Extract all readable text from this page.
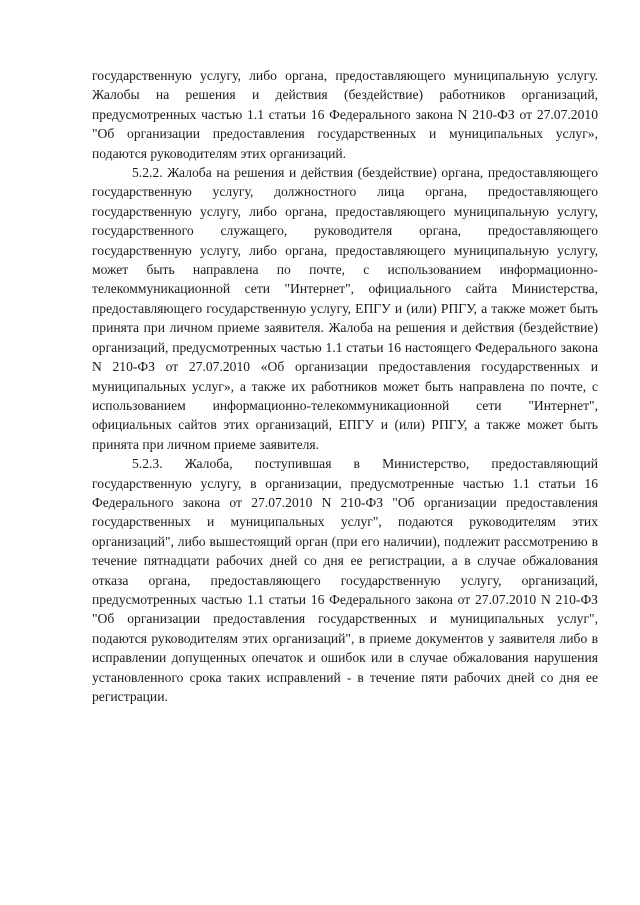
государственную услугу, либо органа, предоставляющего муниципальную услугу. Жалобы на решения и действия (бездействие) работников организаций, предусмотренных частью 1.1 статьи 16 Федерального закона N 210-ФЗ от 27.07.2010 "Об организации предоставления государственных и муниципальных услуг», подаются руководителям этих организаций.

5.2.2. Жалоба на решения и действия (бездействие) органа, предоставляющего государственную услугу, должностного лица органа, предоставляющего государственную услугу, либо органа, предоставляющего муниципальную услугу, государственного служащего, руководителя органа, предоставляющего государственную услугу, либо органа, предоставляющего муниципальную услугу, может быть направлена по почте, с использованием информационно-телекоммуникационной сети "Интернет", официального сайта Министерства, предоставляющего государственную услугу, ЕПГУ и (или) РПГУ, а также может быть принята при личном приеме заявителя. Жалоба на решения и действия (бездействие) организаций, предусмотренных частью 1.1 статьи 16 настоящего Федерального закона N 210-ФЗ от 27.07.2010 «Об организации предоставления государственных и муниципальных услуг», а также их работников может быть направлена по почте, с использованием информационно-телекоммуникационной сети "Интернет", официальных сайтов этих организаций, ЕПГУ и (или) РПГУ, а также может быть принята при личном приеме заявителя.

5.2.3. Жалоба, поступившая в Министерство, предоставляющий государственную услугу, в организации, предусмотренные частью 1.1 статьи 16 Федерального закона от 27.07.2010 N 210-ФЗ "Об организации предоставления государственных и муниципальных услуг", подаются руководителям этих организаций", либо вышестоящий орган (при его наличии), подлежит рассмотрению в течение пятнадцати рабочих дней со дня ее регистрации, а в случае обжалования отказа органа, предоставляющего государственную услугу, организаций, предусмотренных частью 1.1 статьи 16 Федерального закона от 27.07.2010 N 210-ФЗ "Об организации предоставления государственных и муниципальных услуг", подаются руководителям этих организаций", в приеме документов у заявителя либо в исправлении допущенных опечаток и ошибок или в случае обжалования нарушения установленного срока таких исправлений - в течение пяти рабочих дней со дня ее регистрации.
